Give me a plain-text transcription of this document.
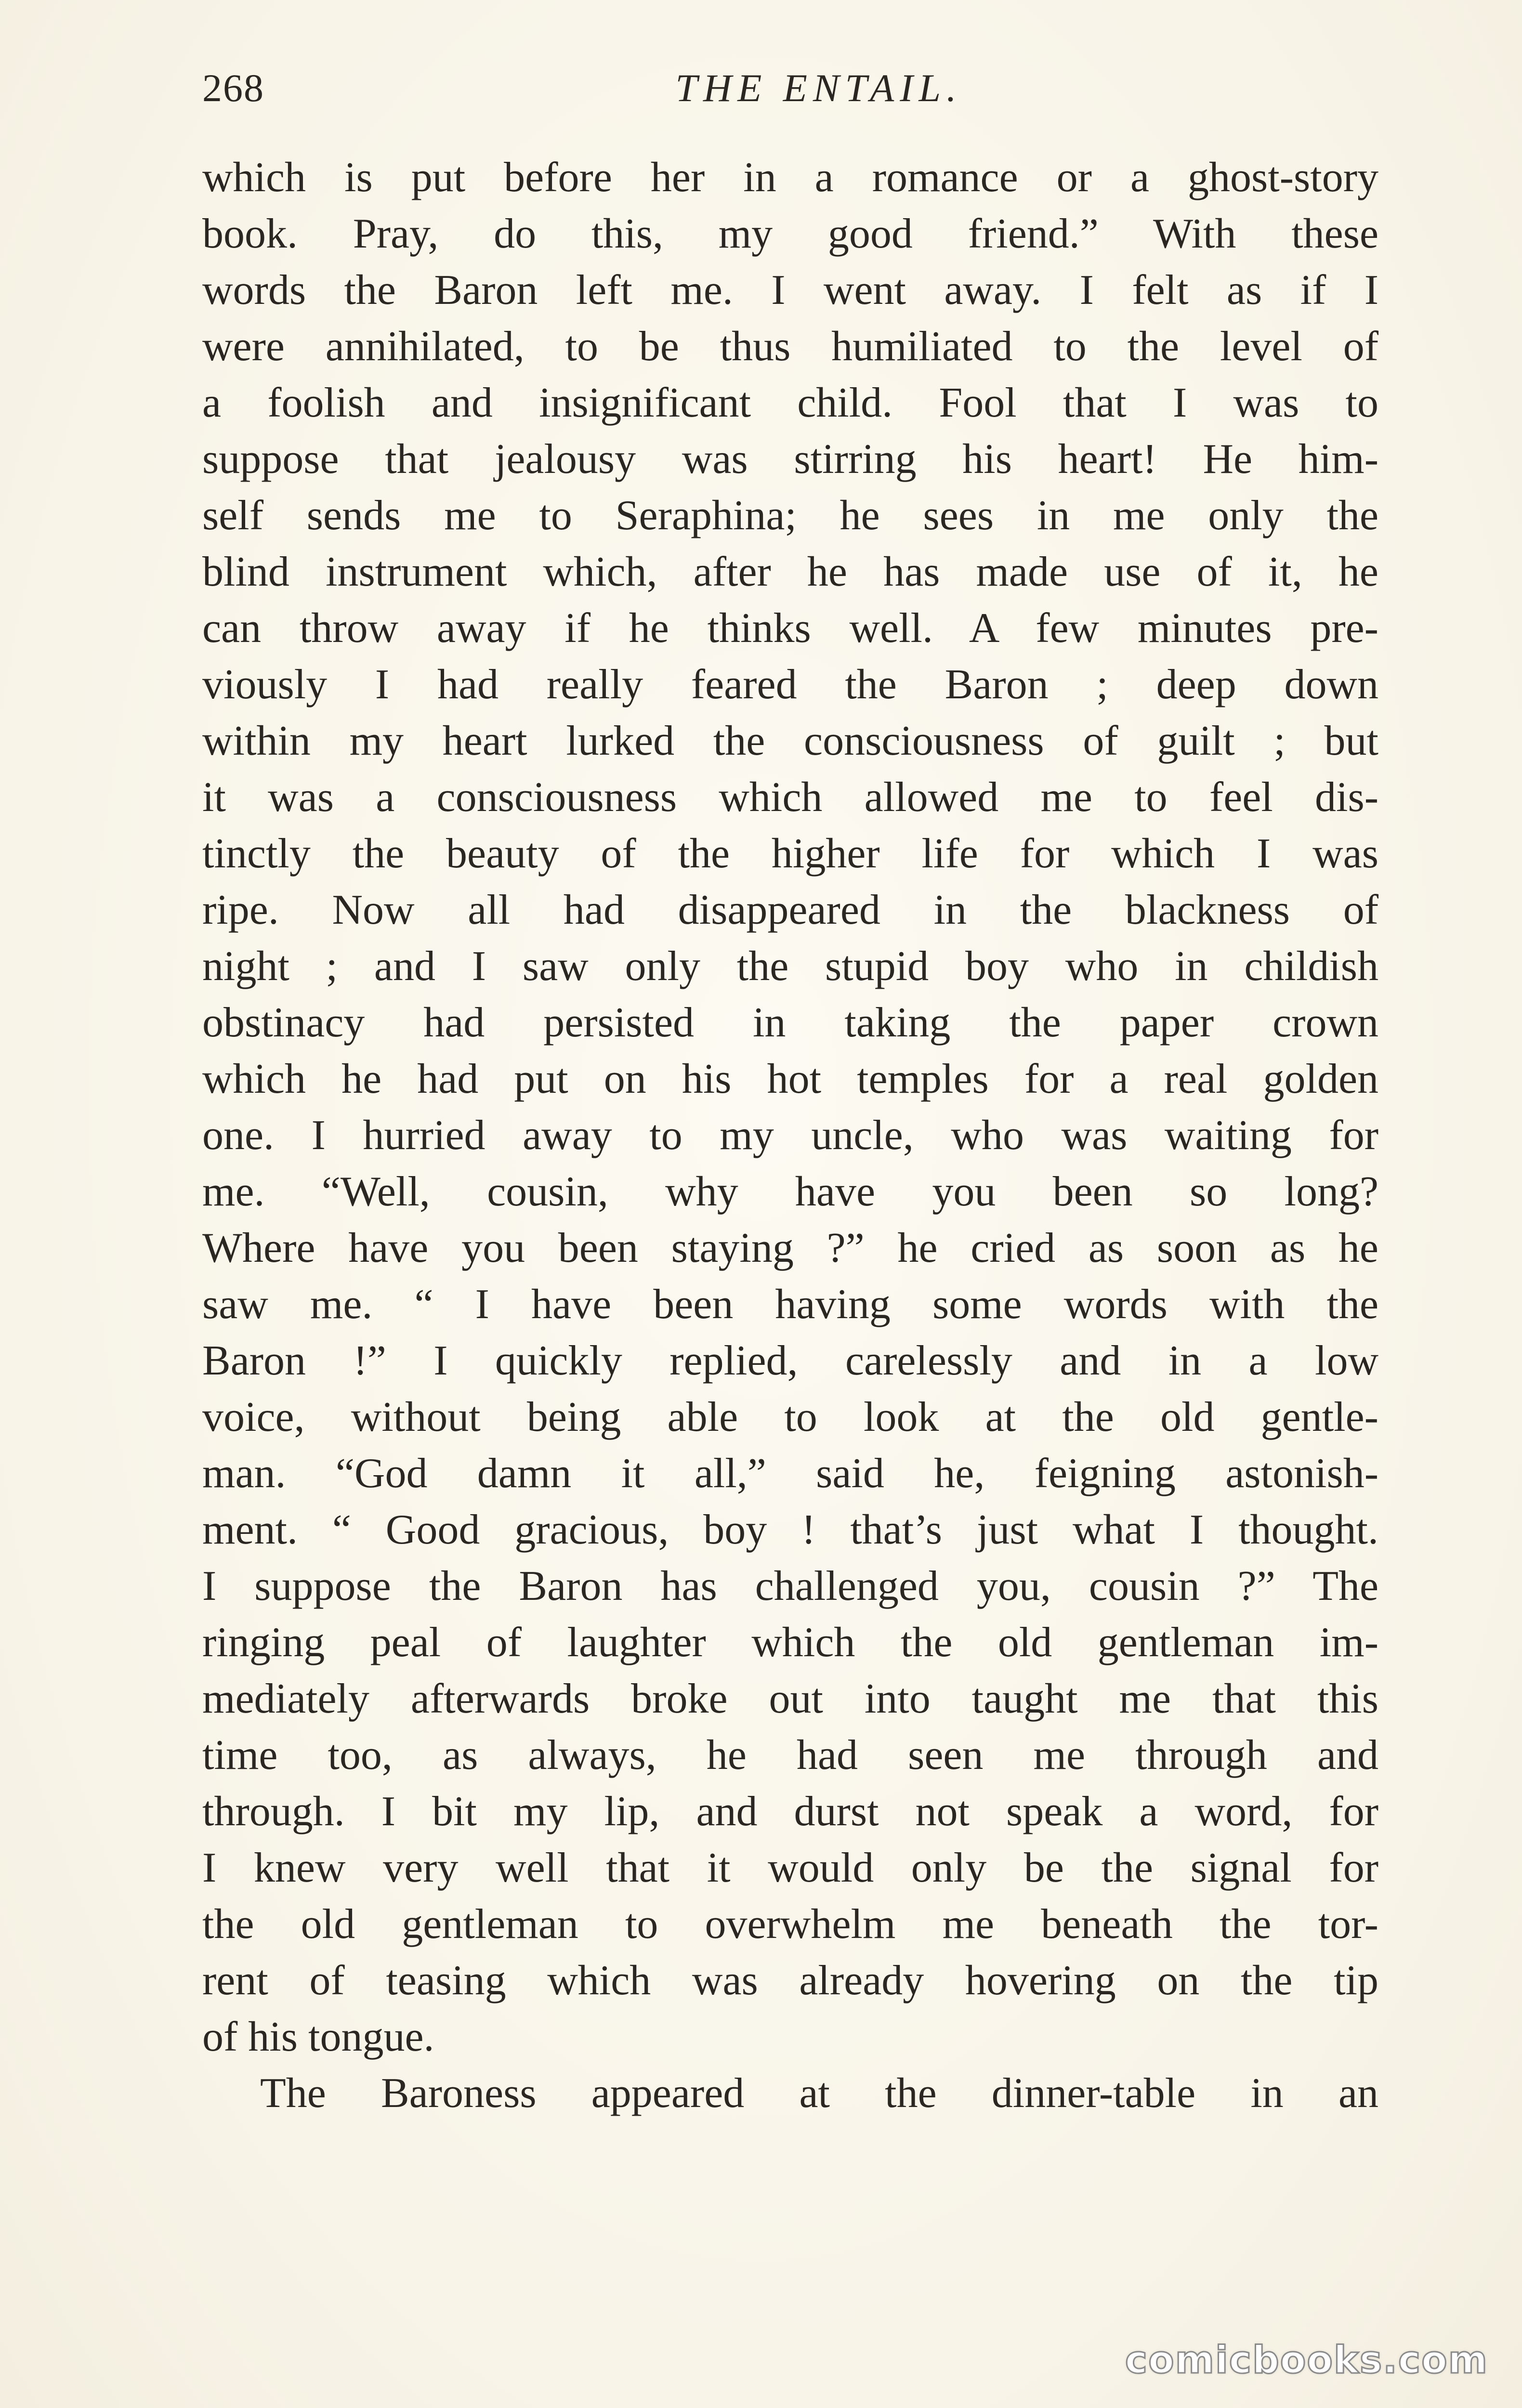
268	THE ENTAIL.
which is put before her in a romance or a ghost-story
book. Pray, do this, my good friend.” With these
words the Baron left me. I went away. I felt as if I
were annihilated, to be thus humiliated to the level of
a foolish and insignificant child. Fool that I was to
suppose that jealousy was stirring his heart! He him-
self sends me to Seraphina; he sees in me only the
blind instrument which, after he has made use of it, he
can throw away if he thinks well. A few minutes pre-
viously I had really feared the Baron ; deep down
within my heart lurked the consciousness of guilt ; but
it was a consciousness which allowed me to feel dis-
tinctly the beauty of the higher life for which I was
ripe. Now all had disappeared in the blackness of
night ; and I saw only the stupid boy who in childish
obstinacy had persisted in taking the paper crown
which he had put on his hot temples for a real golden
one. I hurried away to my uncle, who was waiting for
me. “Well, cousin, why have you been so long?
Where have you been staying ?” he cried as soon as he
saw me. “ I have been having some words with the
Baron !” I quickly replied, carelessly and in a low
voice, without being able to look at the old gentle-
man. “God damn it all,” said he, feigning astonish-
ment. “ Good gracious, boy ! that’s just what I thought.
I suppose the Baron has challenged you, cousin ?” The
ringing peal of laughter which the old gentleman im-
mediately afterwards broke out into taught me that this
time too, as always, he had seen me through and
through. I bit my lip, and durst not speak a word, for
I knew very well that it would only be the signal for
the old gentleman to overwhelm me beneath the tor-
rent of teasing which was already hovering on the tip
of his tongue.
The Baroness appeared at the dinner-table in an
comicbooks.com
